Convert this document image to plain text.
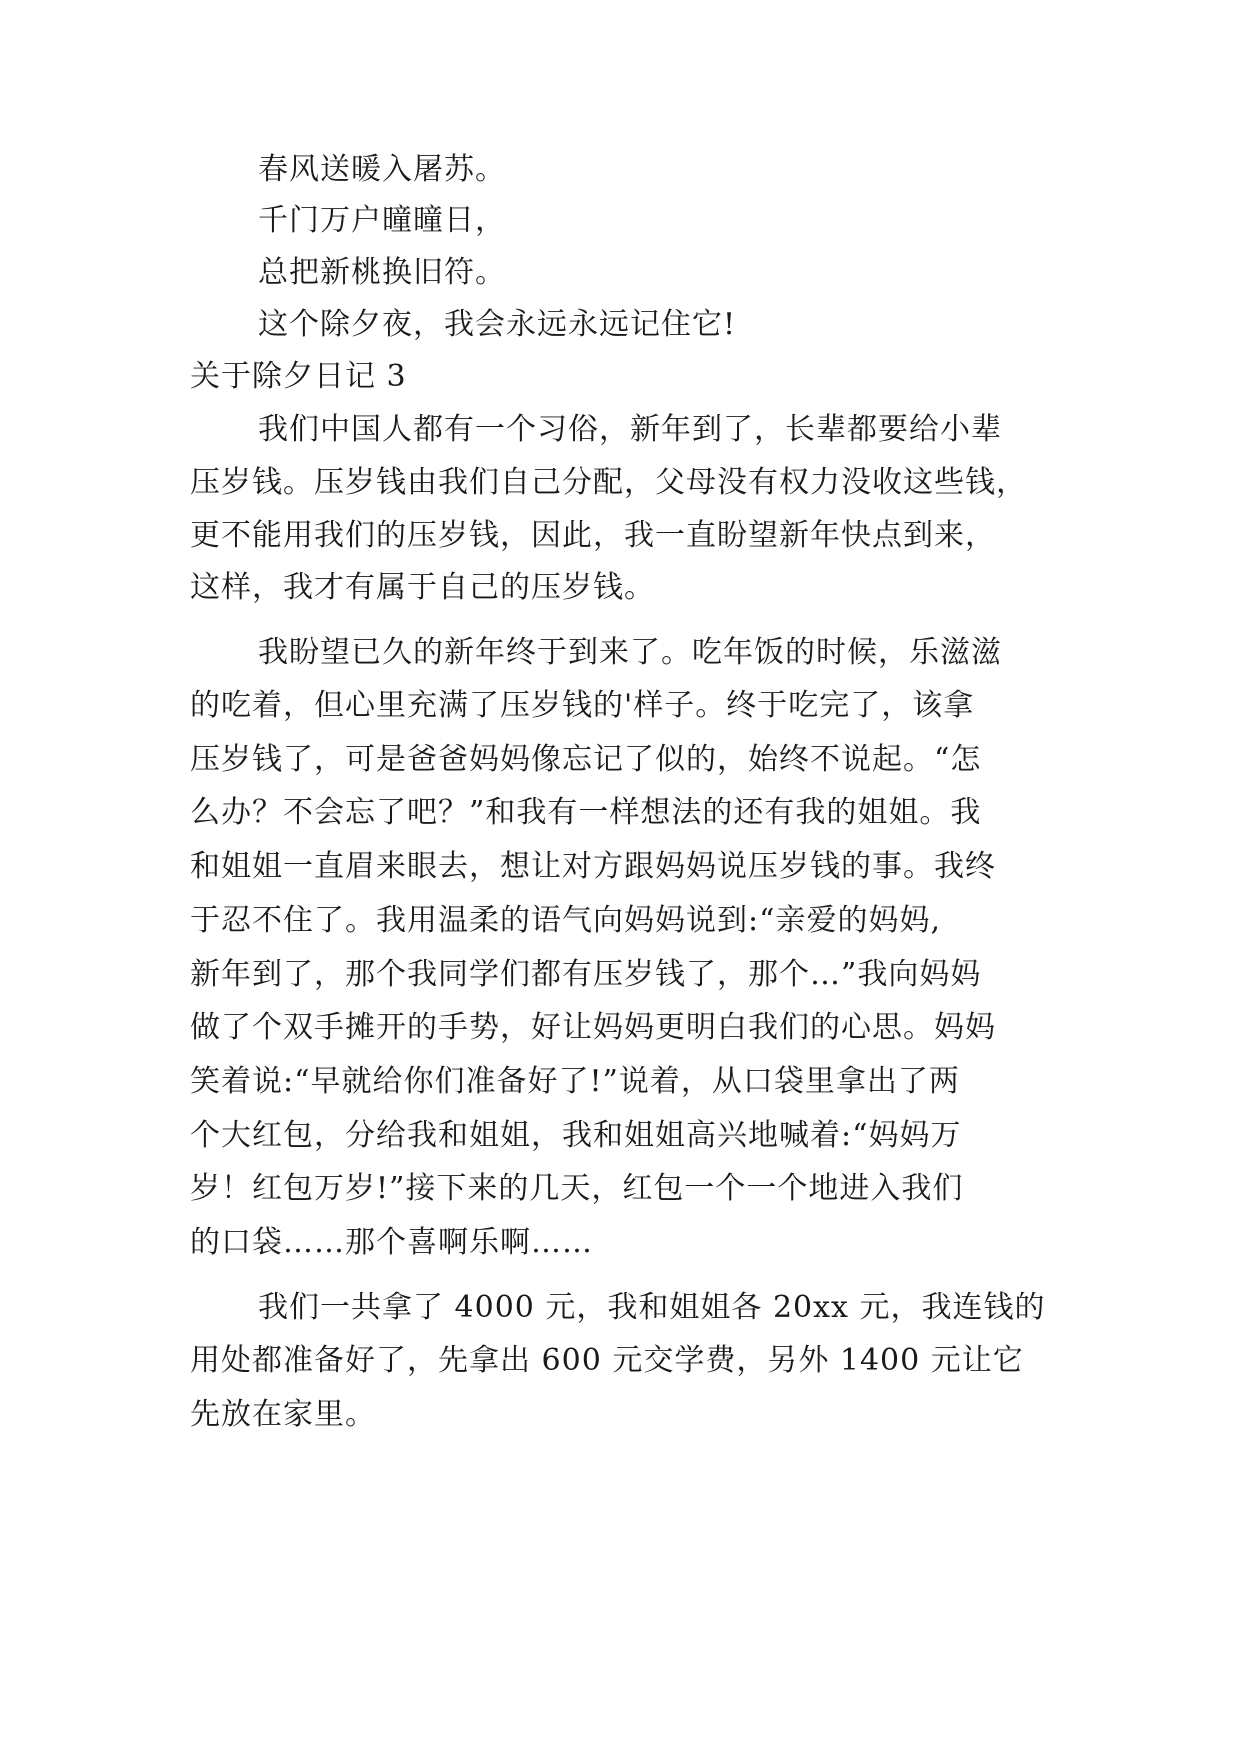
春风送暖入屠苏。
千门万户曈曈日，
总把新桃换旧符。
这个除夕夜，我会永远永远记住它!
关于除夕日记 3
我们中国人都有一个习俗，新年到了，长辈都要给小辈
压岁钱。压岁钱由我们自己分配，父母没有权力没收这些钱，
更不能用我们的压岁钱，因此，我一直盼望新年快点到来，
这样，我才有属于自己的压岁钱。
我盼望已久的新年终于到来了。吃年饭的时候，乐滋滋
的吃着，但心里充满了压岁钱的'样子。终于吃完了，该拿
压岁钱了，可是爸爸妈妈像忘记了似的，始终不说起。“怎
么办？不会忘了吧？”和我有一样想法的还有我的姐姐。我
和姐姐一直眉来眼去，想让对方跟妈妈说压岁钱的事。我终
于忍不住了。我用温柔的语气向妈妈说到:“亲爱的妈妈,
新年到了，那个我同学们都有压岁钱了，那个…”我向妈妈
做了个双手摊开的手势，好让妈妈更明白我们的心思。妈妈
笑着说:“早就给你们准备好了!”说着，从口袋里拿出了两
个大红包，分给我和姐姐，我和姐姐高兴地喊着:“妈妈万
岁！红包万岁!”接下来的几天，红包一个一个地进入我们
的口袋……那个喜啊乐啊……
我们一共拿了 4000 元，我和姐姐各 20xx 元，我连钱的
用处都准备好了，先拿出 600 元交学费，另外 1400 元让它
先放在家里。
